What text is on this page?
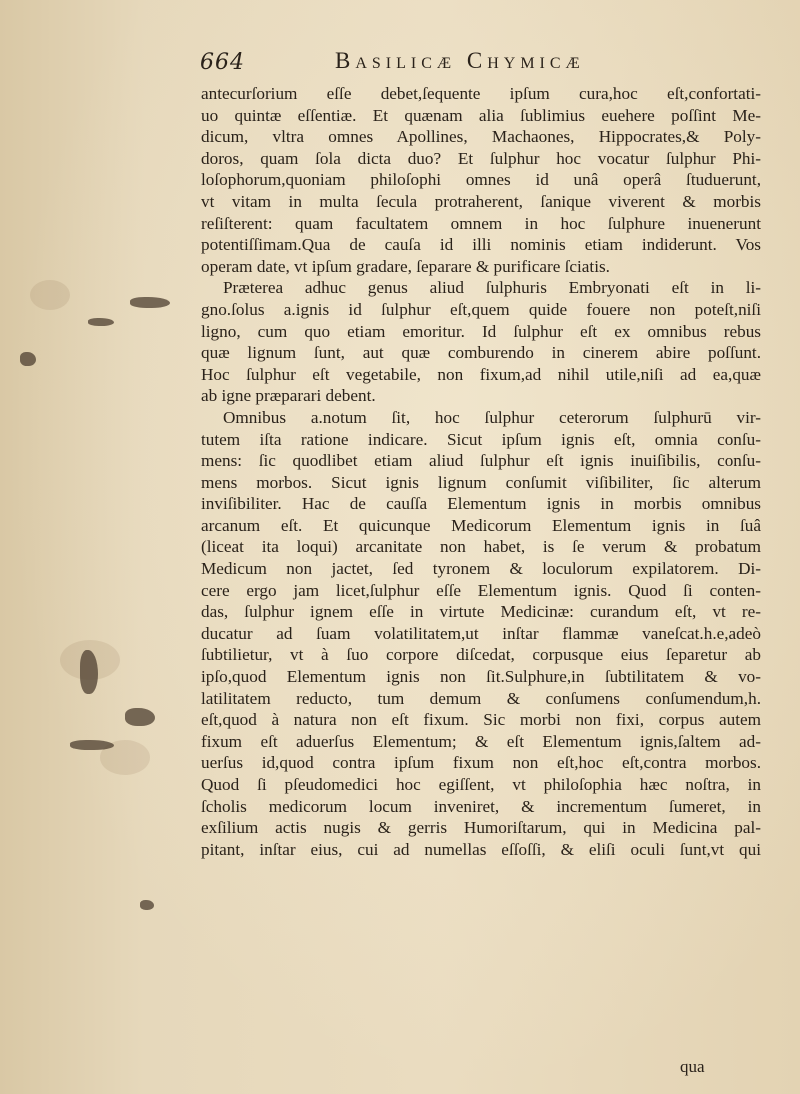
664	Basilicæ Chymicæ
antecurſorium eſſe debet,ſequente ipſum cura,hoc eſt,confortati-
uo quintæ eſſentiæ. Et quænam alia ſublimius euehere poſſint Me-
dicum, vltra omnes Apollines, Machaones, Hippocrates,& Poly-
doros, quam ſola dicta duo? Et ſulphur hoc vocatur ſulphur Phi-
loſophorum,quoniam philoſophi omnes id unâ operâ ſtuduerunt,
vt vitam in multa ſecula protraherent, ſanique viverent & morbis
reſiſterent: quam facultatem omnem in hoc ſulphure inuenerunt
potentiſſimam.Qua de cauſa id illi nominis etiam indiderunt. Vos
operam date, vt ipſum gradare, ſeparare & purificare ſciatis.
Præterea adhuc genus aliud ſulphuris Embryonati eſt in li-
gno.ſolus a.ignis id ſulphur eſt,quem quide fouere non poteſt,niſi
ligno, cum quo etiam emoritur. Id ſulphur eſt ex omnibus rebus
quæ lignum ſunt, aut quæ comburendo in cinerem abire poſſunt.
Hoc ſulphur eſt vegetabile, non fixum,ad nihil utile,niſi ad ea,quæ
ab igne præparari debent.
Omnibus a.notum ſit, hoc ſulphur ceterorum ſulphurū vir-
tutem iſta ratione indicare. Sicut ipſum ignis eſt, omnia conſu-
mens: ſic quodlibet etiam aliud ſulphur eſt ignis inuiſibilis, conſu-
mens morbos. Sicut ignis lignum conſumit viſibiliter, ſic alterum
inviſibiliter. Hac de cauſſa Elementum ignis in morbis omnibus
arcanum eſt. Et quicunque Medicorum Elementum ignis in ſuâ
(liceat ita loqui) arcanitate non habet, is ſe verum & probatum
Medicum non jactet, ſed tyronem & loculorum expilatorem. Di-
cere ergo jam licet,ſulphur eſſe Elementum ignis. Quod ſi conten-
das, ſulphur ignem eſſe in virtute Medicinæ: curandum eſt, vt re-
ducatur ad ſuam volatilitatem,ut inſtar flammæ vaneſcat.h.e,adeò
ſubtilietur, vt à ſuo corpore diſcedat, corpusque eius ſeparetur ab
ipſo,quod Elementum ignis non ſit.Sulphure,in ſubtilitatem & vo-
latilitatem reducto, tum demum & conſumens conſumendum,h.
eſt,quod à natura non eſt fixum. Sic morbi non fixi, corpus autem
fixum eſt aduerſus Elementum; & eſt Elementum ignis,ſaltem ad-
uerſus id,quod contra ipſum fixum non eſt,hoc eſt,contra morbos.
Quod ſi pſeudomedici hoc egiſſent, vt philoſophia hæc noſtra, in
ſcholis medicorum locum inveniret, & incrementum ſumeret, in
exſilium actis nugis & gerris Humoriſtarum, qui in Medicina pal-
pitant, inſtar eius, cui ad numellas eſſoſſi, & eliſi oculi ſunt,vt qui
qua
